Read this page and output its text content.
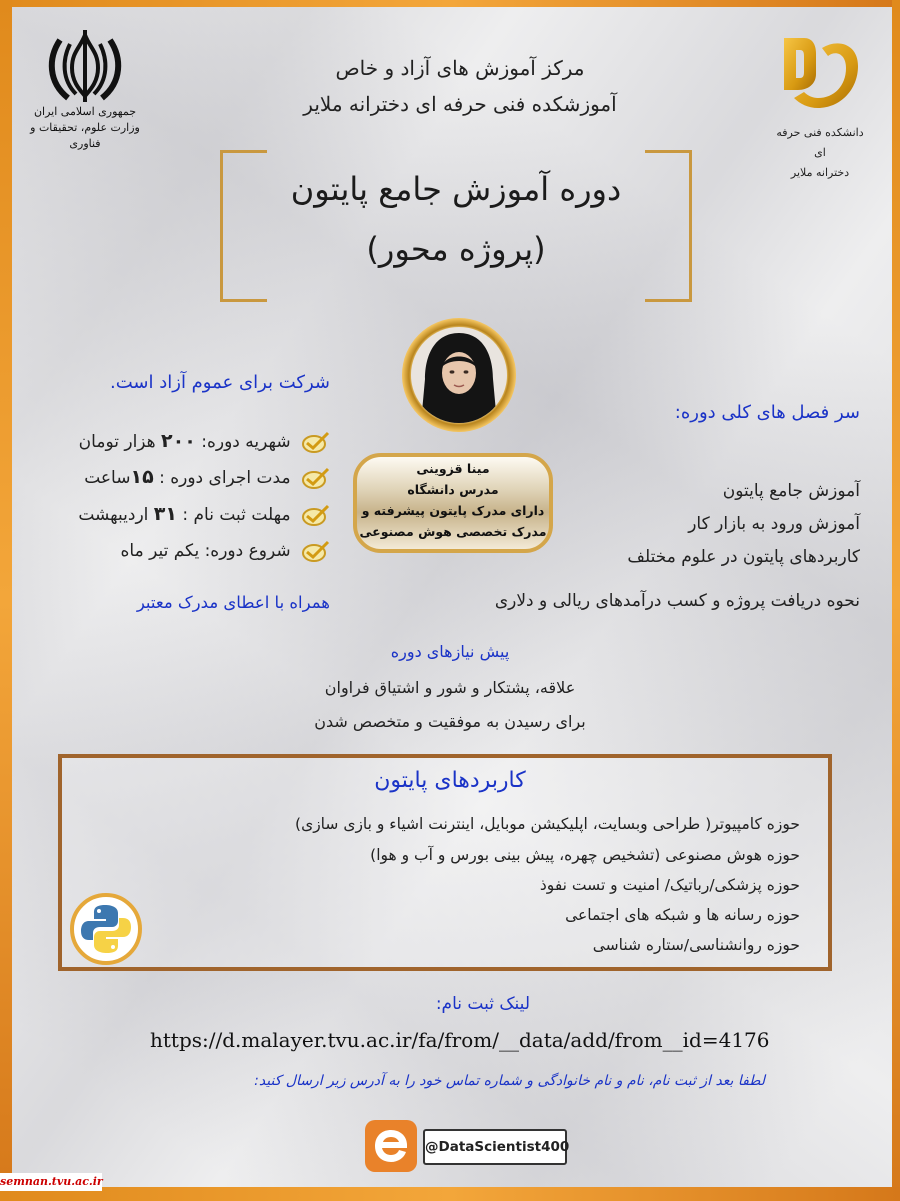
جمهوری اسلامی ایران
وزارت علوم، تحقیقات و فناوری
دانشکده فنی حرفه ای
دخترانه ملایر
مرکز آموزش های آزاد و خاص
آموزشکده فنی حرفه ای دخترانه ملایر
دوره آموزش جامع پایتون
(پروژه محور)
مینا قزوینی
مدرس دانشگاه
دارای مدرک پایتون پیشرفته و
مدرک تخصصی هوش مصنوعی
شرکت برای عموم آزاد است.
شهریه دوره: ۲۰۰ هزار تومان
مدت اجرای دوره : ۱۵ساعت
مهلت ثبت نام : ۳۱ اردیبهشت
شروع دوره: یکم تیر ماه
همراه با اعطای مدرک معتبر
سر فصل های کلی دوره:
آموزش جامع پایتون
آموزش ورود به بازار کار
کاربردهای پایتون در علوم مختلف
نحوه دریافت پروژه و کسب درآمدهای ریالی و دلاری
پیش نیازهای دوره
علاقه، پشتکار و شور و اشتیاق فراوان
برای رسیدن به موفقیت و متخصص شدن
کاربردهای پایتون
حوزه کامپیوتر( طراحی وبسایت، اپلیکیشن موبایل، اینترنت اشیاء و بازی سازی)
حوزه هوش مصنوعی (تشخیص چهره، پیش بینی بورس و آب و هوا)
حوزه پزشکی/رباتیک/ امنیت و تست نفوذ
حوزه رسانه ها و شبکه های اجتماعی
حوزه روانشناسی/ستاره شناسی
لینک ثبت نام:
https://d.malayer.tvu.ac.ir/fa/from/__data/add/from__id=4176
لطفا بعد از ثبت نام، نام و نام خانوادگی و شماره تماس خود را به آدرس زیر ارسال کنید:
@DataScientist400
semnan.tvu.ac.ir
